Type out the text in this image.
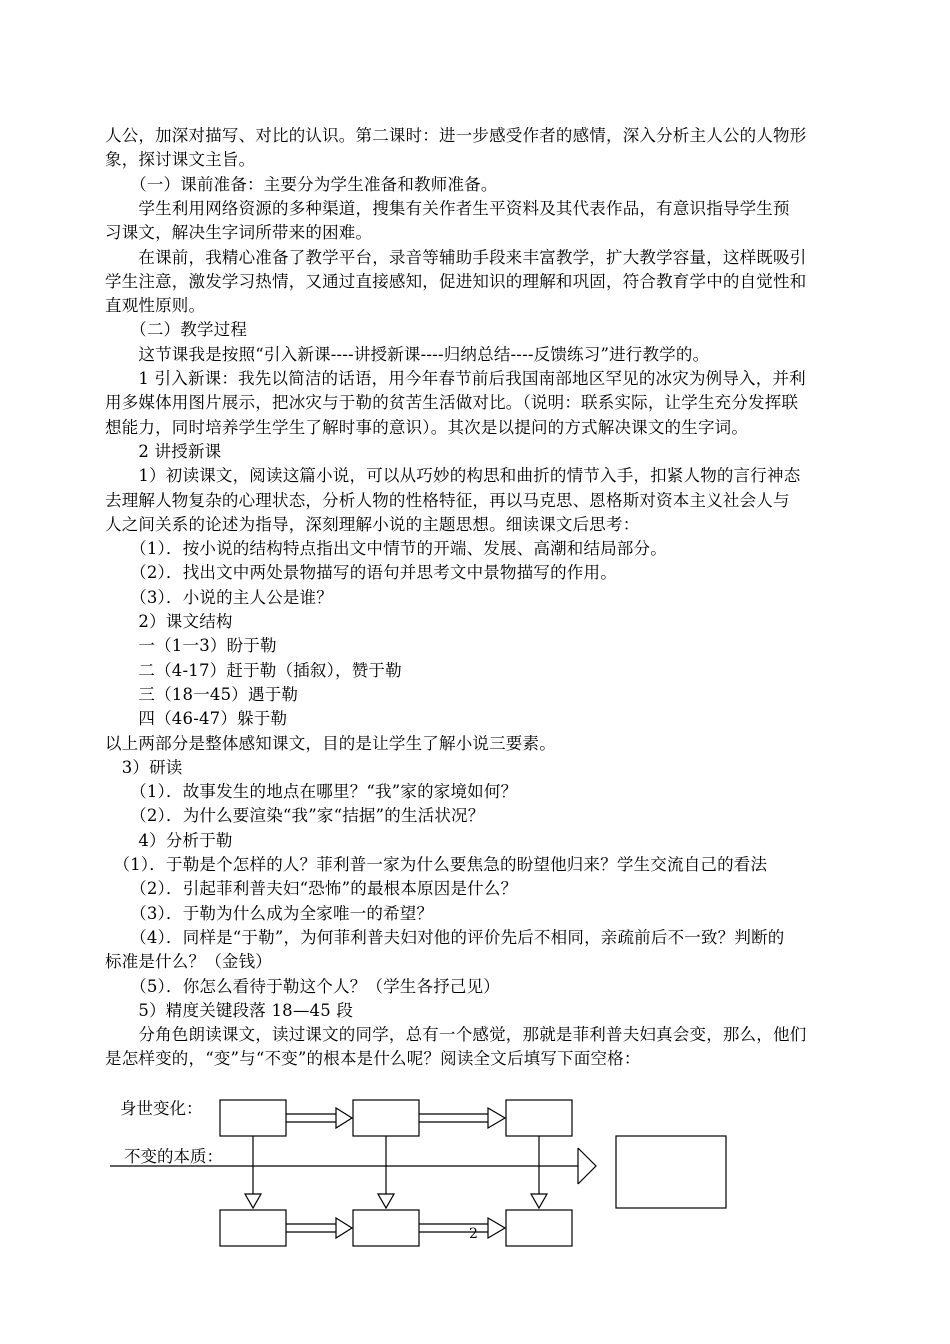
人公，加深对描写、对比的认识。第二课时：进一步感受作者的感情，深入分析主人公的人物形
象，探讨课文主旨。
　　（一）课前准备：主要分为学生准备和教师准备。
　　学生利用网络资源的多种渠道，搜集有关作者生平资料及其代表作品，有意识指导学生预
习课文，解决生字词所带来的困难。
　　在课前，我精心准备了教学平台，录音等辅助手段来丰富教学，扩大教学容量，这样既吸引
学生注意，激发学习热情，又通过直接感知，促进知识的理解和巩固，符合教育学中的自觉性和
直观性原则。
　　（二）教学过程
　　这节课我是按照“引入新课----讲授新课----归纳总结----反馈练习”进行教学的。
　　1 引入新课：我先以简洁的话语，用今年春节前后我国南部地区罕见的冰灾为例导入，并利
用多媒体用图片展示，把冰灾与于勒的贫苦生活做对比。（说明：联系实际，让学生充分发挥联
想能力，同时培养学生学生了解时事的意识）。其次是以提问的方式解决课文的生字词。
　　2 讲授新课
　　1）初读课文，阅读这篇小说，可以从巧妙的构思和曲折的情节入手，扣紧人物的言行神态
去理解人物复杂的心理状态，分析人物的性格特征，再以马克思、恩格斯对资本主义社会人与
人之间关系的论述为指导，深刻理解小说的主题思想。细读课文后思考：
　　（1）．按小说的结构特点指出文中情节的开端、发展、高潮和结局部分。
　　（2）．找出文中两处景物描写的语句并思考文中景物描写的作用。
　　（3）．小说的主人公是谁？
　　2）课文结构
　　一（1一3）盼于勒
　　二（4-17）赶于勒（插叙），赞于勒
　　三（18一45）遇于勒
　　四（46-47）躲于勒
以上两部分是整体感知课文，目的是让学生了解小说三要素。
　3）研读
　　（1）．故事发生的地点在哪里？“我”家的家境如何？
　　（2）．为什么要渲染“我”家“拮据”的生活状况？
　　4）分析于勒
　（1）．于勒是个怎样的人？菲利普一家为什么要焦急的盼望他归来？学生交流自己的看法
　　（2）．引起菲利普夫妇“恐怖”的最根本原因是什么？
　　（3）．于勒为什么成为全家唯一的希望？
　　（4）．同样是“于勒”，为何菲利普夫妇对他的评价先后不相同，亲疏前后不一致？判断的
标准是什么？（金钱）
　　（5）．你怎么看待于勒这个人？（学生各抒己见）
　　5）精度关键段落 18—45 段
　　分角色朗读课文，读过课文的同学，总有一个感觉，那就是菲利普夫妇真会变，那么，他们
是怎样变的，“变”与“不变”的根本是什么呢？阅读全文后填写下面空格：
身世变化：
不变的本质：
2
